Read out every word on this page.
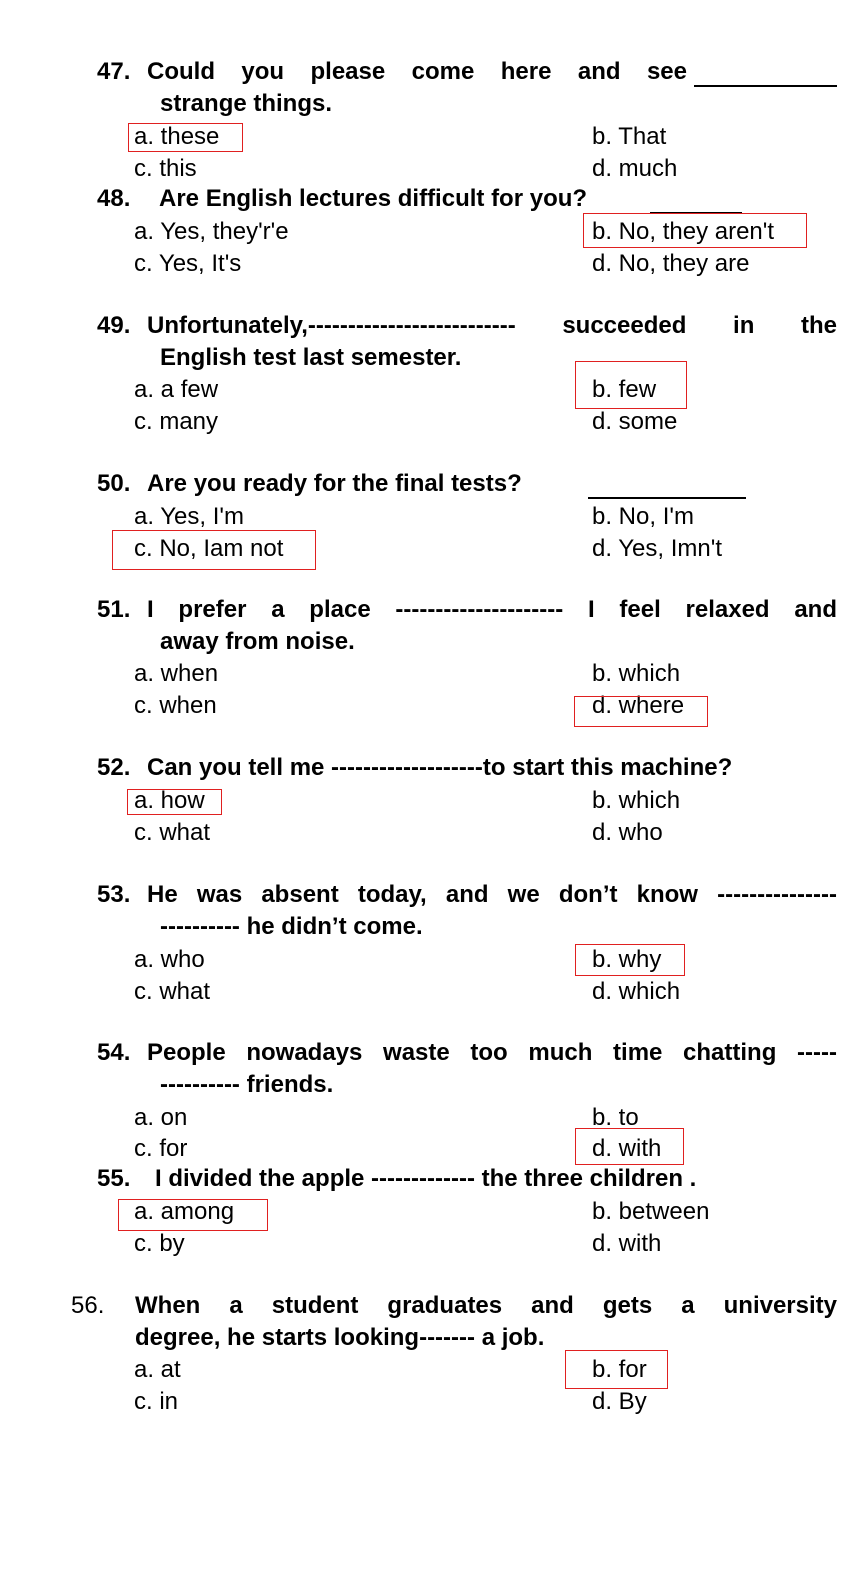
47. Could you please come here and see
strange things.
a. these	b. That
c. this	d. much
48. Are English lectures difficult for you?
a. Yes, they'r'e	b. No, they aren't
c. Yes, It's	d. No, they are
49. Unfortunately,-------------------------- succeeded in the
English test last semester.
a. a few	b. few
c. many	d. some
50. Are you ready for the final tests?
a. Yes, I'm	b. No, I'm
c. No, Iam not	d. Yes, Imn't
51. I prefer a place --------------------- I feel relaxed and
away from noise.
a. when	b. which
c. when	d. where
52. Can you tell me -------------------to start this machine?
a. how	b. which
c. what	d. who
53. He was absent today, and we don’t know ---------------
---------- he didn’t come.
a. who	b. why
c. what	d. which
54. People nowadays waste too much time chatting -----
---------- friends.
a. on	b. to
c. for	d. with
55. I divided the apple ------------- the three children .
a. among	b. between
c. by	d. with
56. When a student graduates and gets a university
degree, he starts looking------- a job.
a. at	b. for
c. in	d. By
